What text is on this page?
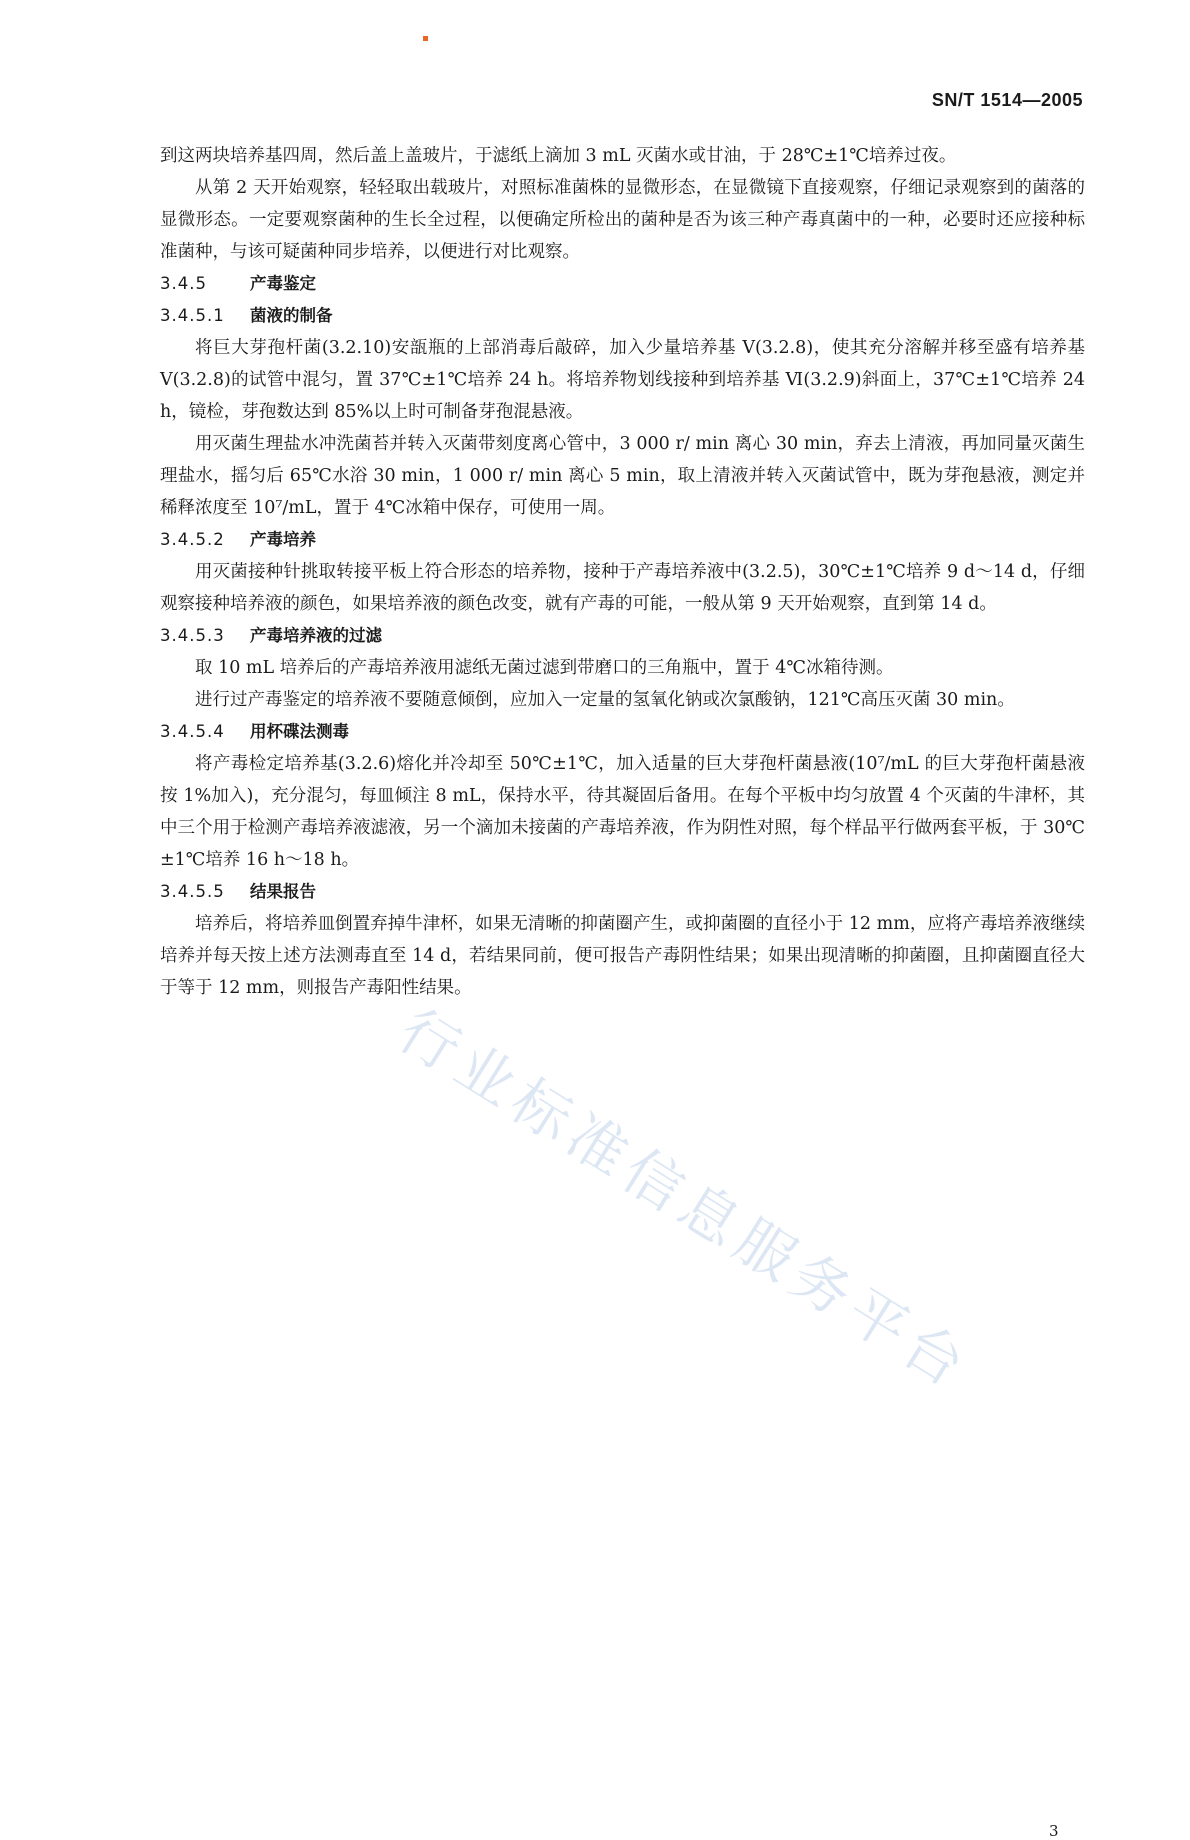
SN/T 1514—2005

到这两块培养基四周，然后盖上盖玻片，于滤纸上滴加 3 mL 灭菌水或甘油，于 28℃±1℃培养过夜。

从第 2 天开始观察，轻轻取出载玻片，对照标准菌株的显微形态，在显微镜下直接观察，仔细记录观察到的菌落的显微形态。一定要观察菌种的生长全过程，以便确定所检出的菌种是否为该三种产毒真菌中的一种，必要时还应接种标准菌种，与该可疑菌种同步培养，以便进行对比观察。

3.4.5	产毒鉴定

3.4.5.1 菌液的制备

将巨大芽孢杆菌(3.2.10)安瓿瓶的上部消毒后敲碎，加入少量培养基 V(3.2.8)，使其充分溶解并移至盛有培养基 V(3.2.8)的试管中混匀，置 37℃±1℃培养 24 h。将培养物划线接种到培养基 Ⅵ(3.2.9)斜面上，37℃±1℃培养 24 h，镜检，芽孢数达到 85%以上时可制备芽孢混悬液。

用灭菌生理盐水冲洗菌苔并转入灭菌带刻度离心管中，3 000 r/ min 离心 30 min，弃去上清液，再加同量灭菌生理盐水，摇匀后 65℃水浴 30 min，1 000 r/ min 离心 5 min，取上清液并转入灭菌试管中，既为芽孢悬液，测定并稀释浓度至 10⁷/mL，置于 4℃冰箱中保存，可使用一周。

3.4.5.2 产毒培养

用灭菌接种针挑取转接平板上符合形态的培养物，接种于产毒培养液中(3.2.5)，30℃±1℃培养 9 d～14 d，仔细观察接种培养液的颜色，如果培养液的颜色改变，就有产毒的可能，一般从第 9 天开始观察，直到第 14 d。

3.4.5.3 产毒培养液的过滤

取 10 mL 培养后的产毒培养液用滤纸无菌过滤到带磨口的三角瓶中，置于 4℃冰箱待测。

进行过产毒鉴定的培养液不要随意倾倒，应加入一定量的氢氧化钠或次氯酸钠，121℃高压灭菌 30 min。

3.4.5.4 用杯碟法测毒

将产毒检定培养基(3.2.6)熔化并冷却至 50℃±1℃，加入适量的巨大芽孢杆菌悬液(10⁷/mL 的巨大芽孢杆菌悬液按 1%加入)，充分混匀，每皿倾注 8 mL，保持水平，待其凝固后备用。在每个平板中均匀放置 4 个灭菌的牛津杯，其中三个用于检测产毒培养液滤液，另一个滴加未接菌的产毒培养液，作为阴性对照，每个样品平行做两套平板，于 30℃±1℃培养 16 h～18 h。

3.4.5.5 结果报告

培养后，将培养皿倒置弃掉牛津杯，如果无清晰的抑菌圈产生，或抑菌圈的直径小于 12 mm，应将产毒培养液继续培养并每天按上述方法测毒直至 14 d，若结果同前，便可报告产毒阴性结果；如果出现清晰的抑菌圈，且抑菌圈直径大于等于 12 mm，则报告产毒阳性结果。

行业标准信息服务平台
3
